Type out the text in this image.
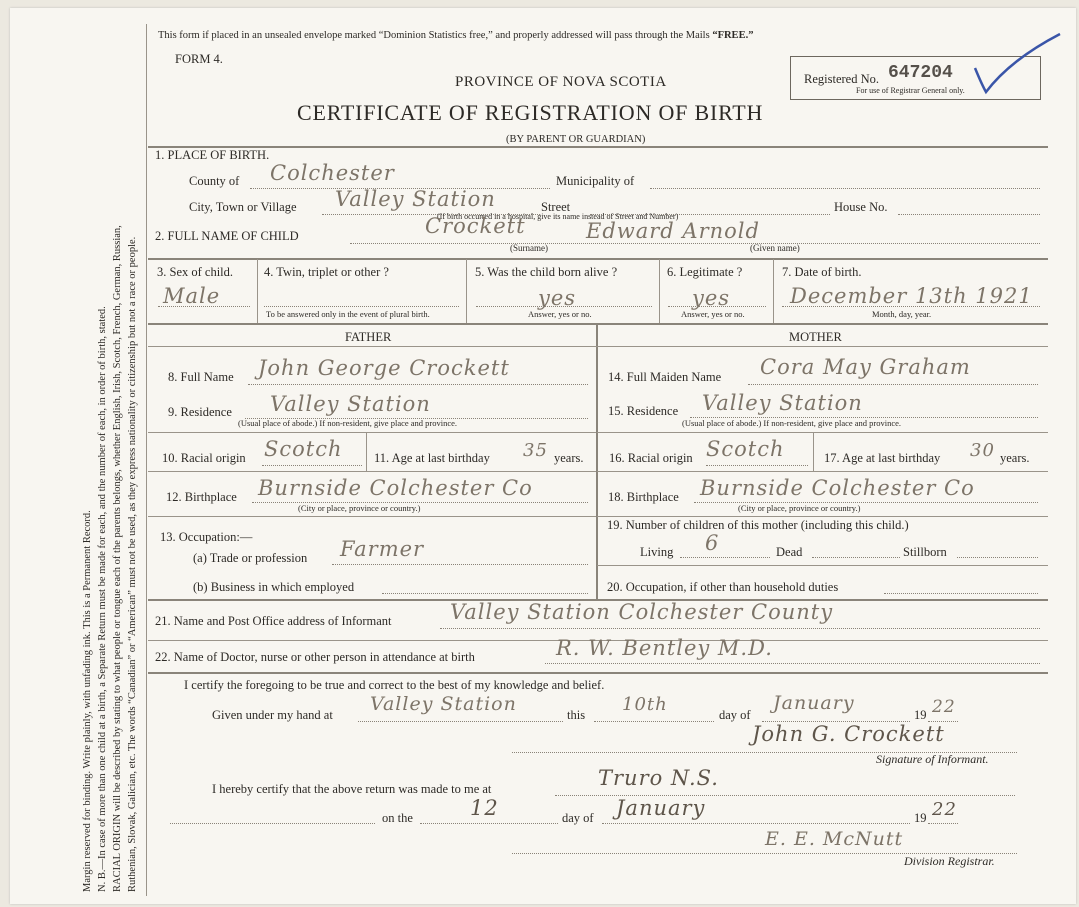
Margin reserved for binding. Write plainly, with unfading ink. This is a Permanent Record. N. B.—In case of more than one child at a birth, a Separate Return must be made for each, and the number of each, in order of birth, stated. RACIAL ORIGIN will be described by stating to what people or tongue each of the parents belongs, whether English, Irish, Scotch, French, German, Russian, Ruthenian, Slovak, Galician, etc. The words “Canadian” or “American” must not be used, as they express nationality or citizenship but not a race or people.
This form if placed in an unsealed envelope marked “Dominion Statistics free,” and properly addressed will pass through the Mails “FREE.”
FORM 4.
PROVINCE OF NOVA SCOTIA
CERTIFICATE OF REGISTRATION OF BIRTH
(BY PARENT OR GUARDIAN)
Registered No. 647204
For use of Registrar General only.
1. PLACE OF BIRTH.
County of Colchester	Municipality of
City, Town or Village Valley Station	Street	House No.
(If birth occurred in a hospital, give its name instead of Street and Number)
2. FULL NAME OF CHILD	Crockett	Edward Arnold
(Surname)	(Given name)
3. Sex of child.
Male
4. Twin, triplet or other ?
To be answered only in the event of plural birth.
5. Was the child born alive ?
yes
Answer, yes or no.
6. Legitimate ?
yes
Answer, yes or no.
7. Date of birth.
December 13th 1921
Month, day, year.
FATHER	MOTHER
8. Full Name John George Crockett
9. Residence Valley Station
(Usual place of abode.) If non-resident, give place and province.
10. Racial origin Scotch	11. Age at last birthday 35 years.
12. Birthplace Burnside Colchester Co
(City or place, province or country.)
13. Occupation:—
(a) Trade or profession Farmer
(b) Business in which employed
14. Full Maiden Name Cora May Graham
15. Residence Valley Station
(Usual place of abode.) If non-resident, give place and province.
16. Racial origin Scotch	17. Age at last birthday 30 years.
18. Birthplace Burnside Colchester Co
(City or place, province or country.)
19. Number of children of this mother (including this child.)
Living 6	Dead	Stillborn
20. Occupation, if other than household duties
21. Name and Post Office address of Informant	Valley Station Colchester County
22. Name of Doctor, nurse or other person in attendance at birth	R. W. Bentley M.D.
I certify the foregoing to be true and correct to the best of my knowledge and belief.
Given under my hand at Valley Station	this 10th	day of
January
19 22
John G. Crockett
Signature of Informant.
I hereby certify that the above return was made to me at	Truro N.S.
on the	12	day of January	19 22
E. E. McNutt
Division Registrar.
